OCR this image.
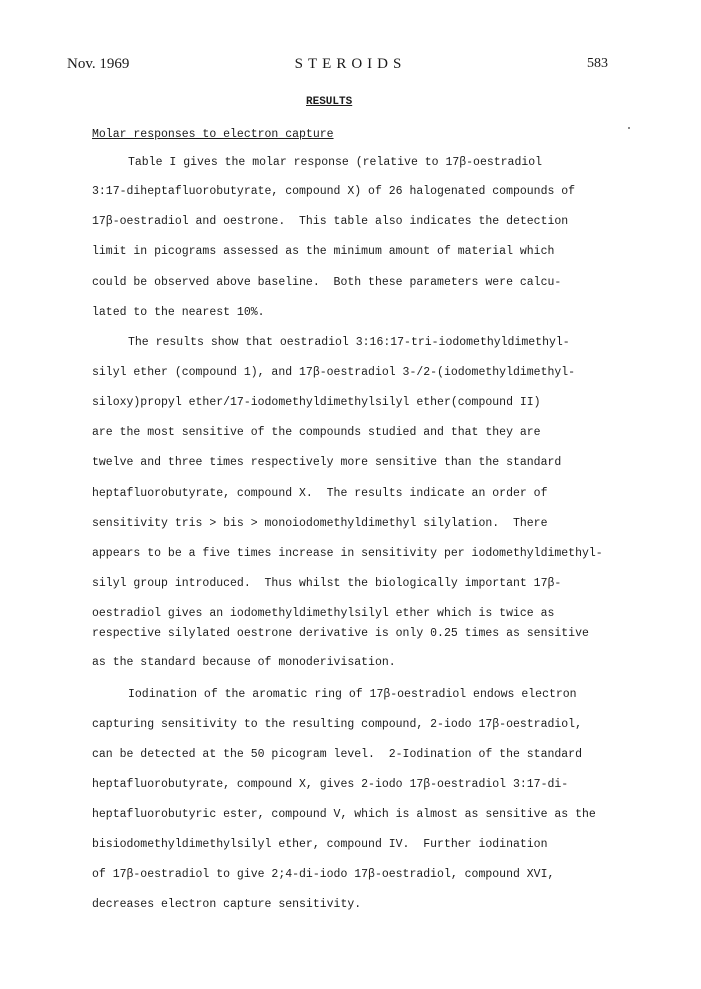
Nov. 1969	STEROIDS	583
RESULTS
Molar responses to electron capture
Table I gives the molar response (relative to 17β-oestradiol
3:17-diheptafluorobutyrate, compound X) of 26 halogenated compounds of
17β-oestradiol and oestrone.  This table also indicates the detection
limit in picograms assessed as the minimum amount of material which
could be observed above baseline.  Both these parameters were calcu-
lated to the nearest 10%.
The results show that oestradiol 3:16:17-tri-iodomethyldimethyl-
silyl ether (compound 1), and 17β-oestradiol 3-/2-(iodomethyldimethyl-
siloxy)propyl ether/17-iodomethyldimethylsilyl ether(compound II)
are the most sensitive of the compounds studied and that they are
twelve and three times respectively more sensitive than the standard
heptafluorobutyrate, compound X.  The results indicate an order of
sensitivity tris > bis > monoiodomethyldimethyl silylation.  There
appears to be a five times increase in sensitivity per iodomethyldimethyl-
silyl group introduced.  Thus whilst the biologically important 17β-
oestradiol gives an iodomethyldimethylsilyl ether which is twice as
respective silylated oestrone derivative is only 0.25 times as sensitive
as the standard because of monoderivisation.
Iodination of the aromatic ring of 17β-oestradiol endows electron
capturing sensitivity to the resulting compound, 2-iodo 17β-oestradiol,
can be detected at the 50 picogram level.  2-Iodination of the standard
heptafluorobutyrate, compound X, gives 2-iodo 17β-oestradiol 3:17-di-
heptafluorobutyric ester, compound V, which is almost as sensitive as the
bisiodomethyldimethylsilyl ether, compound IV.  Further iodination
of 17β-oestradiol to give 2;4-di-iodo 17β-oestradiol, compound XVI,
decreases electron capture sensitivity.
